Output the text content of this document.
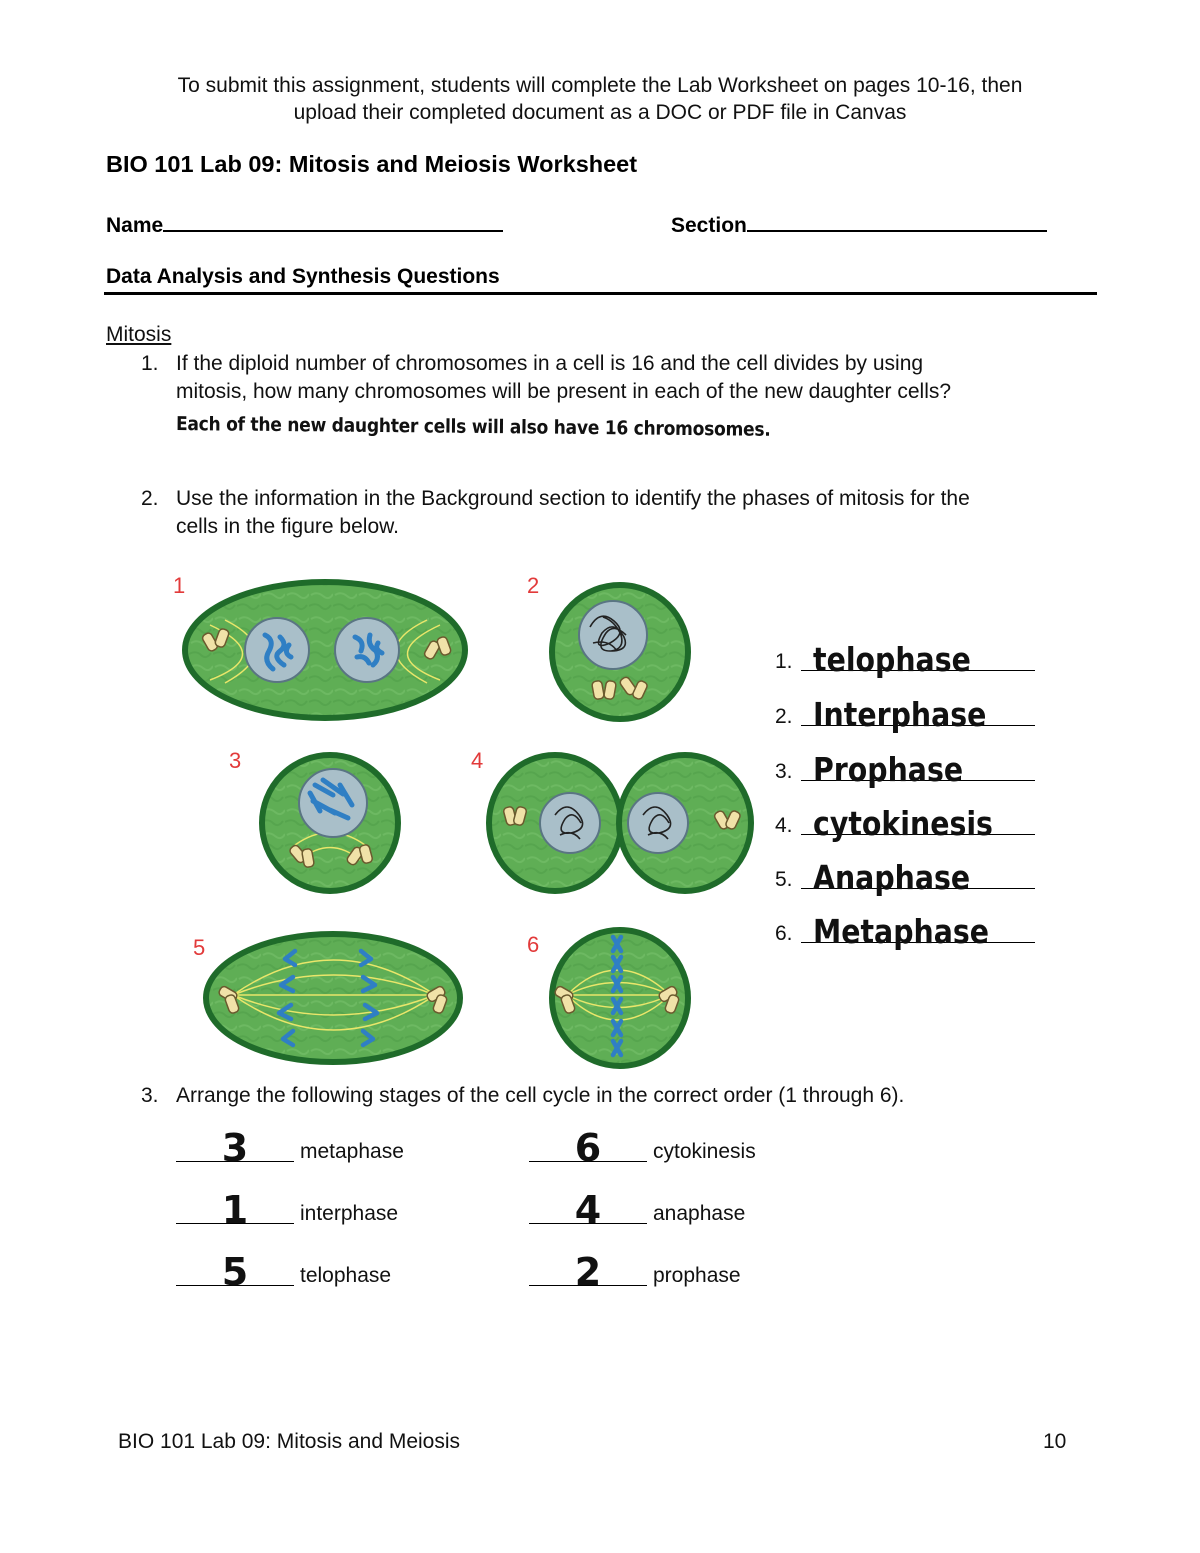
To submit this assignment, students will complete the Lab Worksheet on pages 10-16, then
upload their completed document as a DOC or PDF file in Canvas
BIO 101 Lab 09: Mitosis and Meiosis Worksheet
Name	Section
Data Analysis and Synthesis Questions
Mitosis
1. If the diploid number of chromosomes in a cell is 16 and the cell divides by using
mitosis, how many chromosomes will be present in each of the new daughter cells?
Each of the new daughter cells will also have 16 chromosomes.
2. Use the information in the Background section to identify the phases of mitosis for the
cells in the figure below.
1	2
3	4
5	6
1. telophase
2. Interphase
3. Prophase
4. cytokinesis
5. Anaphase
6. Metaphase
3. Arrange the following stages of the cell cycle in the correct order (1 through 6).
3	metaphase	6	cytokinesis
1	interphase	4	anaphase
5	telophase	2	prophase
BIO 101 Lab 09: Mitosis and Meiosis	10
